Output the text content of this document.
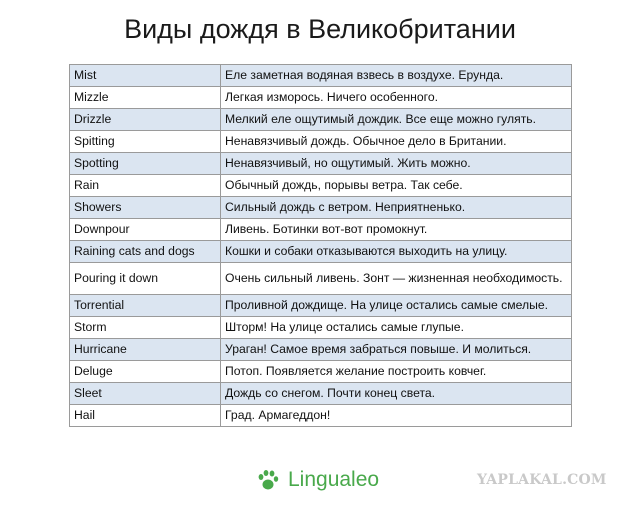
Виды дождя в Великобритании
Mist	Еле заметная водяная взвесь в воздухе. Ерунда.
Mizzle	Легкая изморось. Ничего особенного.
Drizzle	Мелкий еле ощутимый дождик. Все еще можно гулять.
Spitting	Ненавязчивый дождь. Обычное дело в Британии.
Spotting	Ненавязчивый, но ощутимый. Жить можно.
Rain	Обычный дождь, порывы ветра. Так себе.
Showers	Сильный дождь с ветром. Неприятненько.
Downpour	Ливень. Ботинки вот-вот промокнут.
Raining cats and dogs	Кошки и собаки отказываются выходить на улицу.
Pouring it down	Очень сильный ливень. Зонт — жизненная необходимость.
Torrential	Проливной дождище. На улице остались самые смелые.
Storm	Шторм! На улице остались самые глупые.
Hurricane	Ураган! Самое время забраться повыше. И молиться.
Deluge	Потоп. Появляется желание построить ковчег.
Sleet	Дождь со снегом. Почти конец света.
Hail	Град. Армагеддон!
Lingualeo	YAPLAKAL.COM
